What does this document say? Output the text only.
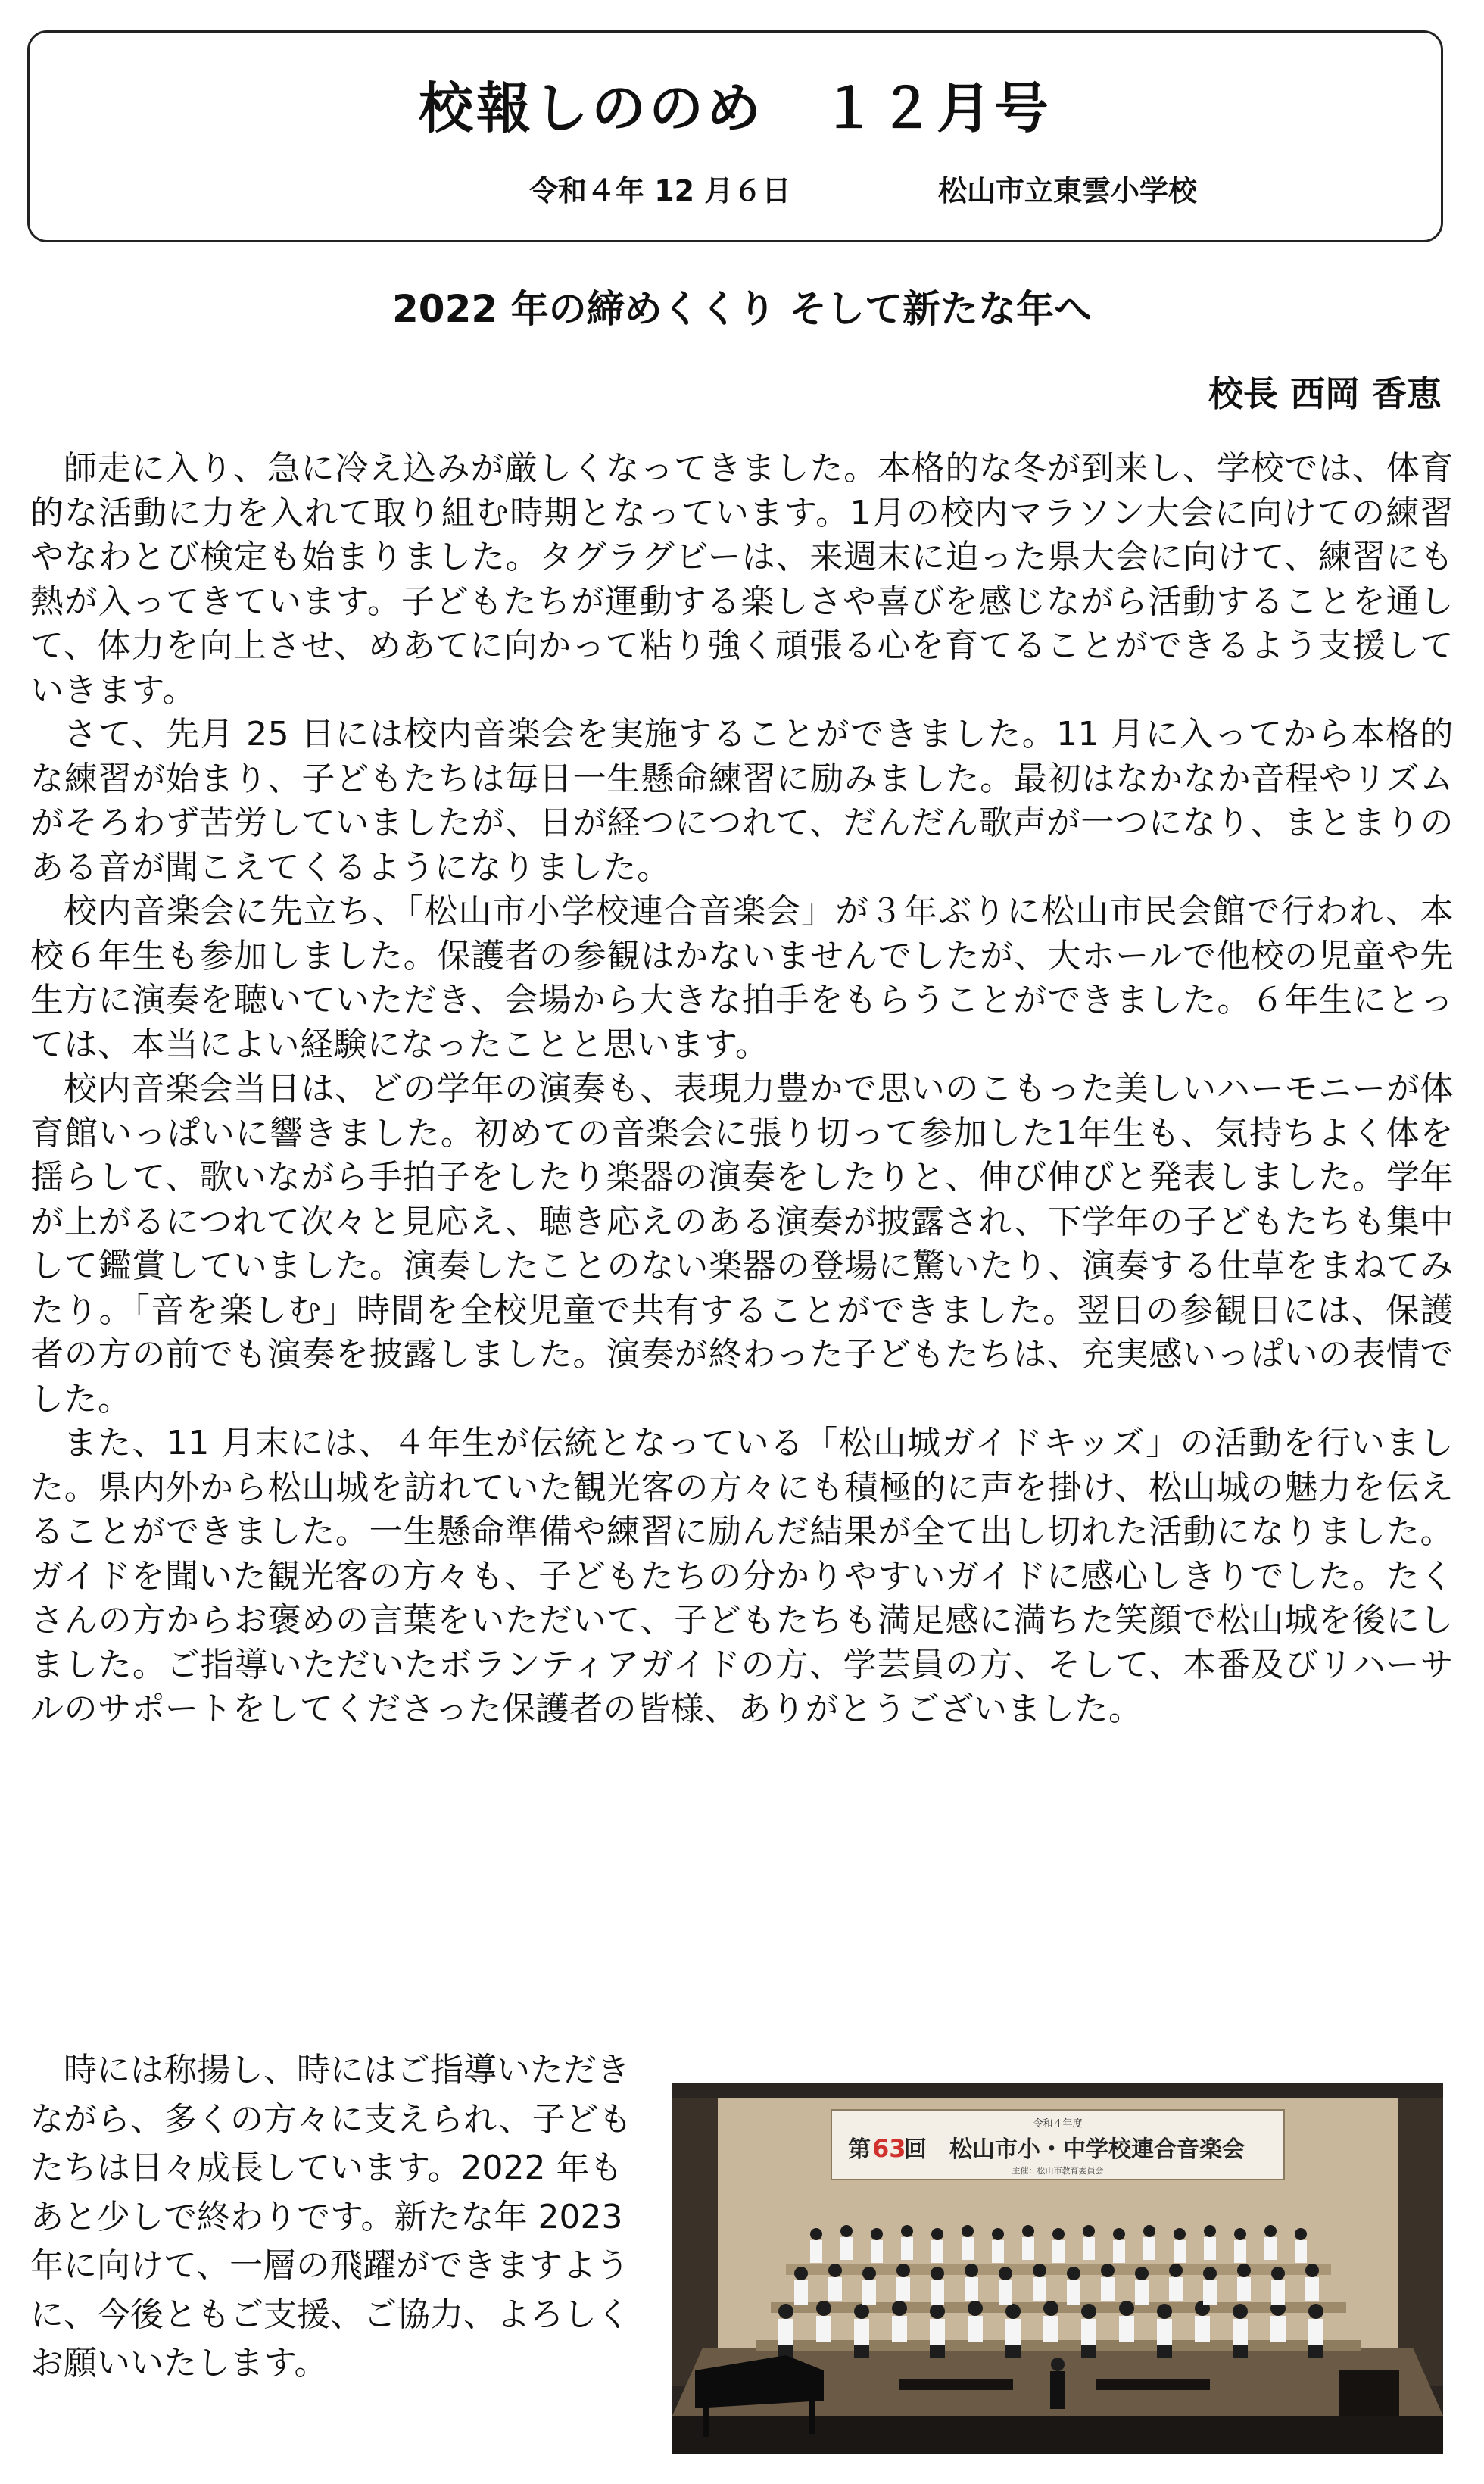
校報しののめ　１２月号
令和４年 12 月６日	松山市立東雲小学校
2022 年の締めくくり そして新たな年へ
校長 西岡 香恵

師走に入り、急に冷え込みが厳しくなってきました。本格的な冬が到来し、学校では、体育的な活動に力を入れて取り組む時期となっています。1月の校内マラソン大会に向けての練習やなわとび検定も始まりました。タグラグビーは、来週末に迫った県大会に向けて、練習にも熱が入ってきています。子どもたちが運動する楽しさや喜びを感じながら活動することを通して、体力を向上させ、めあてに向かって粘り強く頑張る心を育てることができるよう支援していきます。

さて、先月 25 日には校内音楽会を実施することができました。11 月に入ってから本格的な練習が始まり、子どもたちは毎日一生懸命練習に励みました。最初はなかなか音程やリズムがそろわず苦労していましたが、日が経つにつれて、だんだん歌声が一つになり、まとまりのある音が聞こえてくるようになりました。

校内音楽会に先立ち、「松山市小学校連合音楽会」が３年ぶりに松山市民会館で行われ、本校６年生も参加しました。保護者の参観はかないませんでしたが、大ホールで他校の児童や先生方に演奏を聴いていただき、会場から大きな拍手をもらうことができました。６年生にとっては、本当によい経験になったことと思います。

校内音楽会当日は、どの学年の演奏も、表現力豊かで思いのこもった美しいハーモニーが体育館いっぱいに響きました。初めての音楽会に張り切って参加した1年生も、気持ちよく体を揺らして、歌いながら手拍子をしたり楽器の演奏をしたりと、伸び伸びと発表しました。学年が上がるにつれて次々と見応え、聴き応えのある演奏が披露され、下学年の子どもたちも集中して鑑賞していました。演奏したことのない楽器の登場に驚いたり、演奏する仕草をまねてみたり。「音を楽しむ」時間を全校児童で共有することができました。翌日の参観日には、保護者の方の前でも演奏を披露しました。演奏が終わった子どもたちは、充実感いっぱいの表情でした。

また、11 月末には、４年生が伝統となっている「松山城ガイドキッズ」の活動を行いました。県内外から松山城を訪れていた観光客の方々にも積極的に声を掛け、松山城の魅力を伝えることができました。一生懸命準備や練習に励んだ結果が全て出し切れた活動になりました。ガイドを聞いた観光客の方々も、子どもたちの分かりやすいガイドに感心しきりでした。たくさんの方からお褒めの言葉をいただいて、子どもたちも満足感に満ちた笑顔で松山城を後にしました。ご指導いただいたボランティアガイドの方、学芸員の方、そして、本番及びリハーサルのサポートをしてくださった保護者の皆様、ありがとうございました。

時には称揚し、時にはご指導いただきながら、多くの方々に支えられ、子どもたちは日々成長しています。2022 年もあと少しで終わりです。新たな年 2023 年に向けて、一層の飛躍ができますように、今後ともご支援、ご協力、よろしくお願いいたします。

令和４年度
第 63
回　松山市小・中学校連合音楽会
主催：松山市教育委員会
